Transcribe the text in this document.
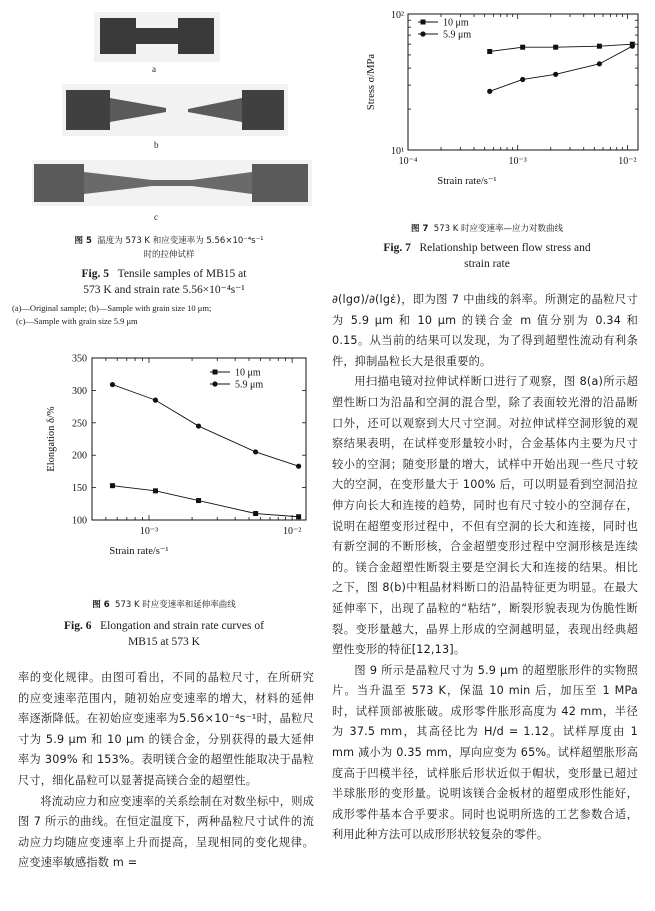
a
b
c
图 5 温度为 573 K 和应变速率为 5.56×10⁻⁴s⁻¹
时的拉伸试样
Fig. 5 Tensile samples of MB15 at
573 K and strain rate 5.56×10⁻⁴s⁻¹
(a)—Original sample; (b)—Sample with grain size 10 μm;
(c)—Sample with grain size 5.9 μm
10⁻³	10⁻²
100
150
200
250
300
350
Strain rate/s⁻¹
Elongation δ/%
10 μm
5.9 μm
图 6 573 K 时应变速率和延伸率曲线
Fig. 6 Elongation and strain rate curves of
MB15 at 573 K

率的变化规律。由图可看出，不同的晶粒尺寸，在所研究的应变速率范围内，随初始应变速率的增大，材料的延伸率逐渐降低。在初始应变速率为5.56×10⁻⁴s⁻¹时，晶粒尺寸为 5.9 μm 和 10 μm 的镁合金，分别获得的最大延伸率为 309% 和 153%。表明镁合金的超塑性能取决于晶粒尺寸，细化晶粒可以显著提高镁合金的超塑性。

将流动应力和应变速率的关系绘制在对数坐标中，则成图 7 所示的曲线。在恒定温度下，两种晶粒尺寸试件的流动应力均随应变速率上升而提高，呈现相同的变化规律。应变速率敏感指数 m =

10⁻⁴	10⁻³	10⁻²
10¹
10²
Strain rate/s⁻¹
Stress σ/MPa
10 μm
5.9 μm
图 7 573 K 时应变速率—应力对数曲线
Fig. 7 Relationship between flow stress and
strain rate

∂(lgσ)/∂(lgε̇)，即为图 7 中曲线的斜率。所测定的晶粒尺寸为 5.9 μm 和 10 μm 的镁合金 m 值分别为 0.34 和 0.15。从当前的结果可以发现，为了得到超塑性流动有利条件，抑制晶粒长大是很重要的。

用扫描电镜对拉伸试样断口进行了观察，图 8(a)所示超塑性断口为沿晶和空洞的混合型，除了表面较光滑的沿晶断口外，还可以观察到大尺寸空洞。对拉伸试样空洞形貌的观察结果表明，在试样变形量较小时，合金基体内主要为尺寸较小的空洞；随变形量的增大，试样中开始出现一些尺寸较大的空洞，在变形量大于 100% 后，可以明显看到空洞沿拉伸方向长大和连接的趋势，同时也有尺寸较小的空洞存在，说明在超塑变形过程中，不但有空洞的长大和连接，同时也有新空洞的不断形核，合金超塑变形过程中空洞形核是连续的。镁合金超塑性断裂主要是空洞长大和连接的结果。相比之下，图 8(b)中粗晶材料断口的沿晶特征更为明显。在最大延伸率下，出现了晶粒的“粘结”，断裂形貌表现为伪脆性断裂。变形量越大，晶界上形成的空洞越明显，表现出经典超塑性变形的特征[12,13]。

图 9 所示是晶粒尺寸为 5.9 μm 的超塑胀形件的实物照片。当升温至 573 K，保温 10 min 后，加压至 1 MPa 时，试样顶部被胀破。成形零件胀形高度为 42 mm，半径为 37.5 mm，其高径比为 H/d = 1.12。试样厚度由 1 mm 减小为 0.35 mm，厚向应变为 65%。试样超塑胀形高度高于凹模半径，试样胀后形状近似于帽状，变形量已超过半球胀形的变形量。说明该镁合金板材的超塑成形性能好，成形零件基本合乎要求。同时也说明所选的工艺参数合适，利用此种方法可以成形形状较复杂的零件。
